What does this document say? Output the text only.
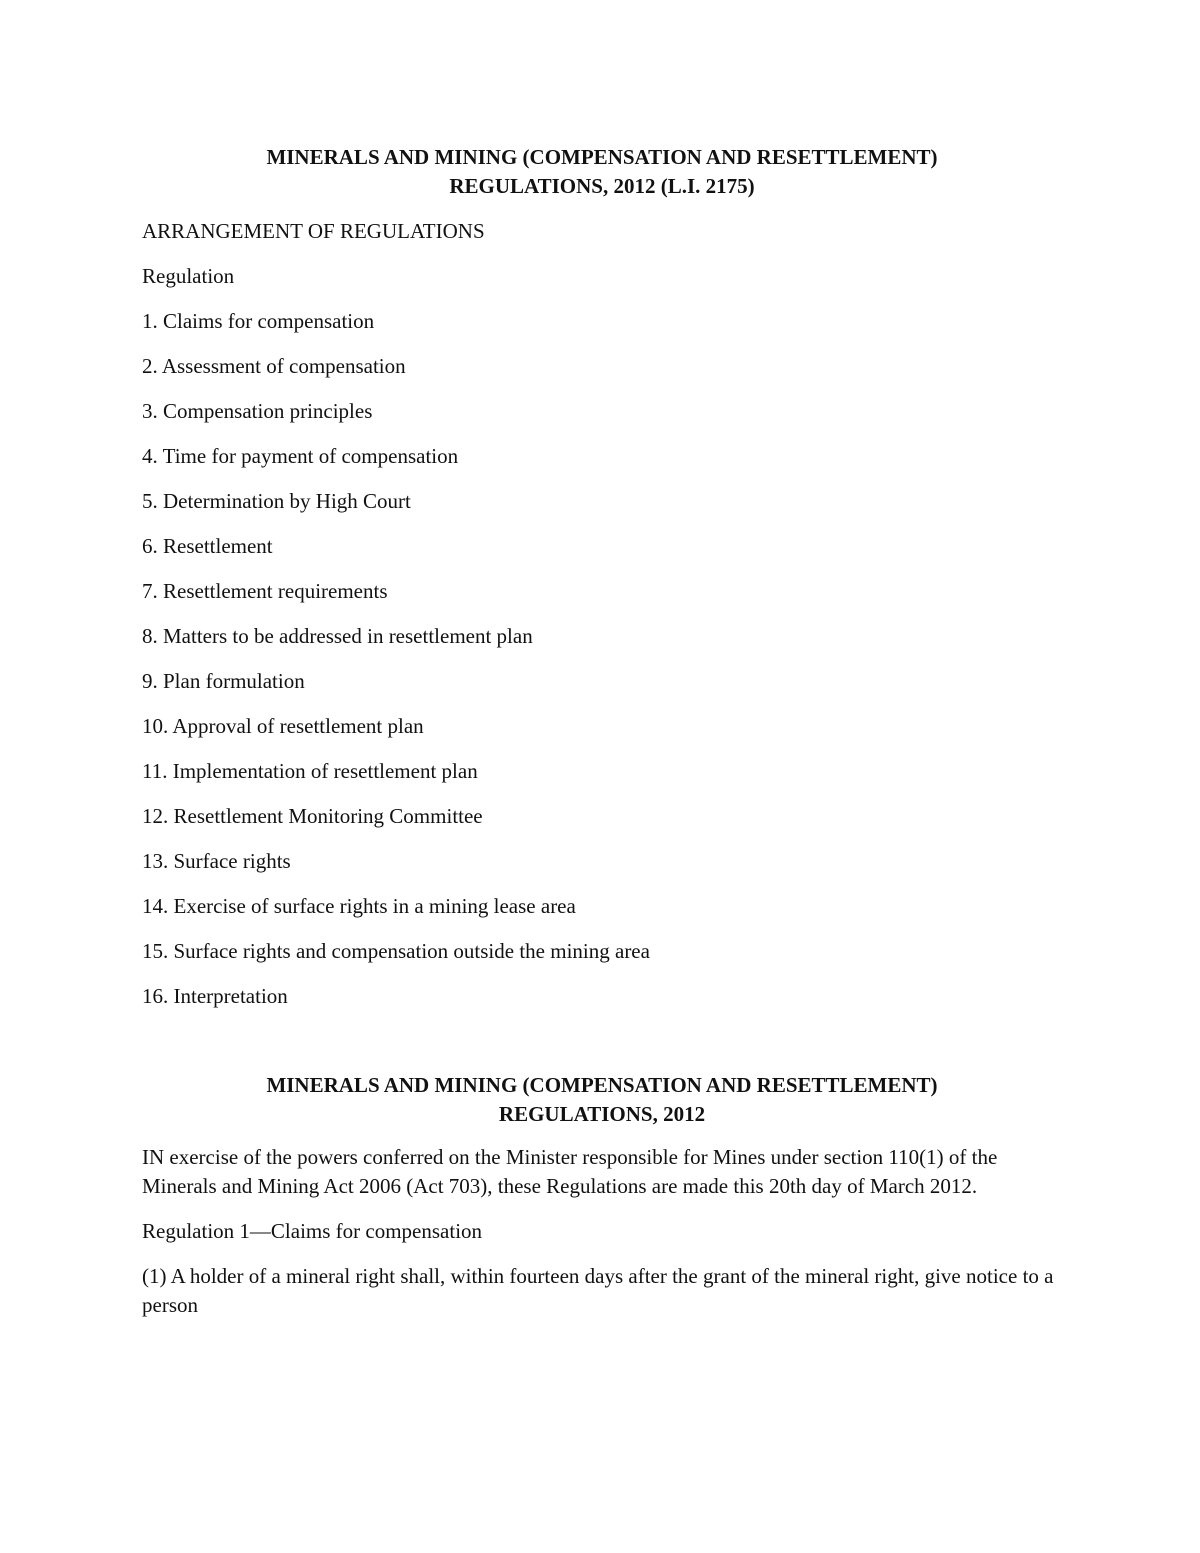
MINERALS AND MINING (COMPENSATION AND RESETTLEMENT)
REGULATIONS, 2012 (L.I. 2175)

ARRANGEMENT OF REGULATIONS

Regulation

1. Claims for compensation
2. Assessment of compensation
3. Compensation principles
4. Time for payment of compensation
5. Determination by High Court
6. Resettlement
7. Resettlement requirements
8. Matters to be addressed in resettlement plan
9. Plan formulation
10. Approval of resettlement plan
11. Implementation of resettlement plan
12. Resettlement Monitoring Committee
13. Surface rights
14. Exercise of surface rights in a mining lease area
15. Surface rights and compensation outside the mining area
16. Interpretation
MINERALS AND MINING (COMPENSATION AND RESETTLEMENT)
REGULATIONS, 2012

IN exercise of the powers conferred on the Minister responsible for Mines under section 110(1) of the Minerals and Mining Act 2006 (Act 703), these Regulations are made this 20th day of March 2012.

Regulation 1—Claims for compensation

(1) A holder of a mineral right shall, within fourteen days after the grant of the mineral right, give notice to a person
